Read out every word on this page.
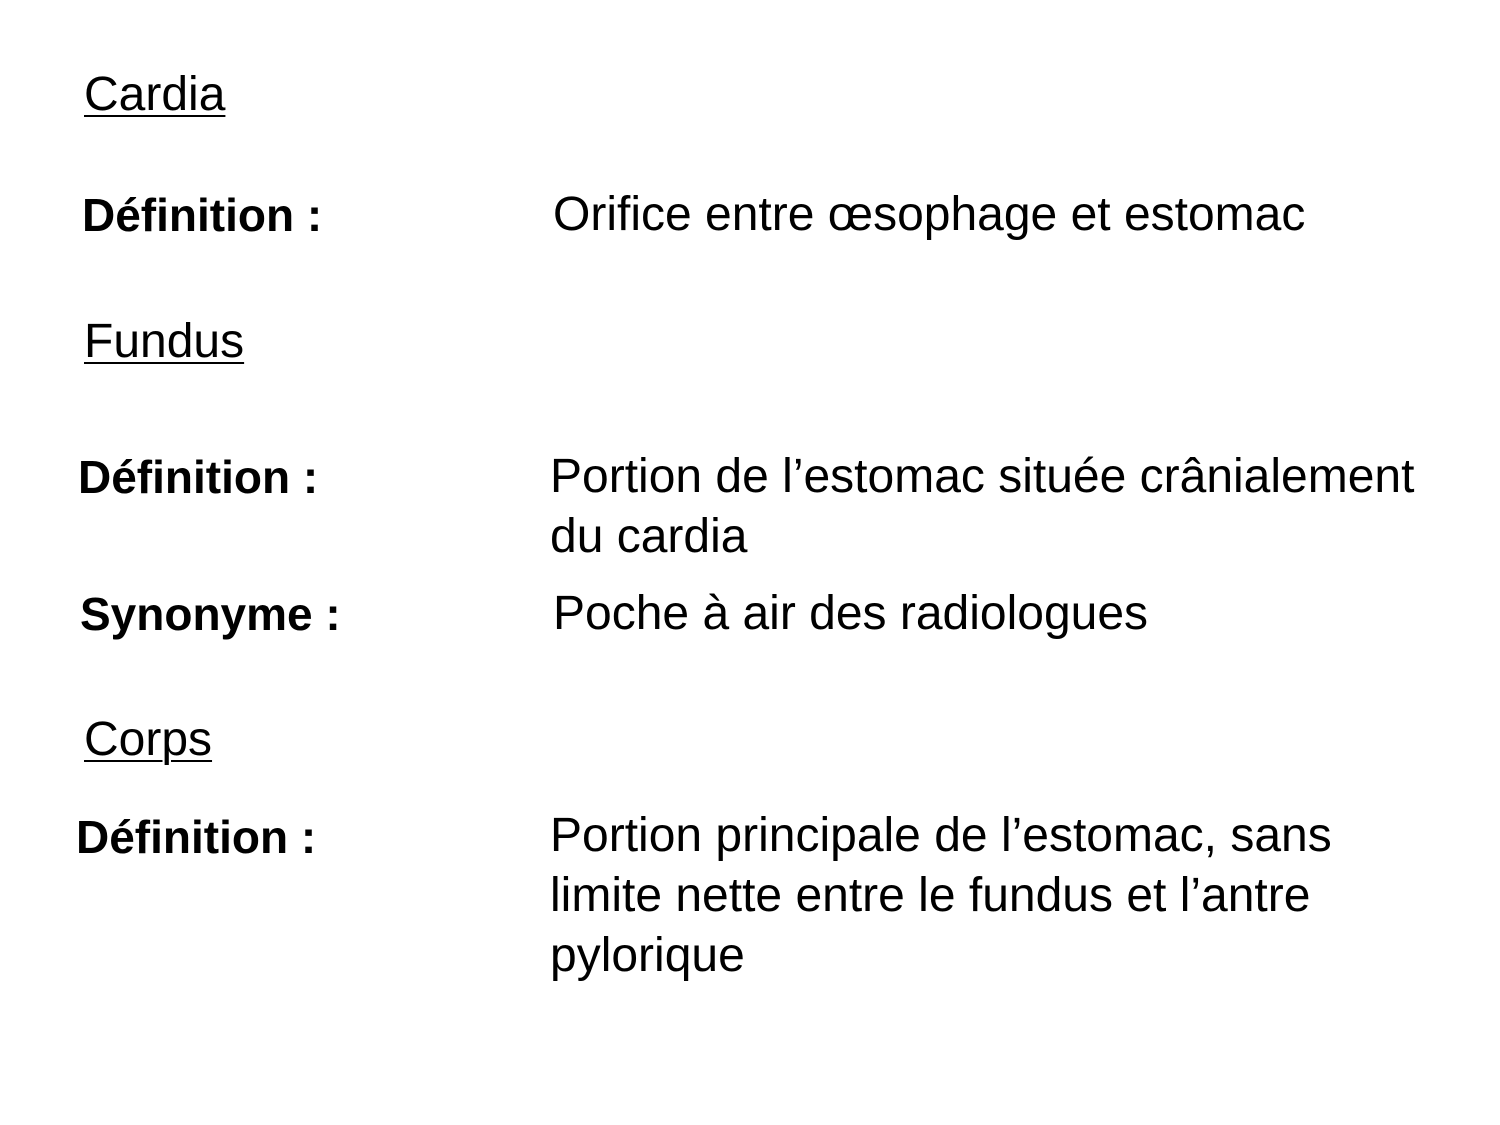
Cardia
Définition :	Orifice entre œsophage et estomac
Fundus
Définition :	Portion de l’estomac située crânialement
du cardia
Synonyme :	Poche à air des radiologues
Corps
Définition :	Portion principale de l’estomac, sans
limite nette entre le fundus et l’antre
pylorique
